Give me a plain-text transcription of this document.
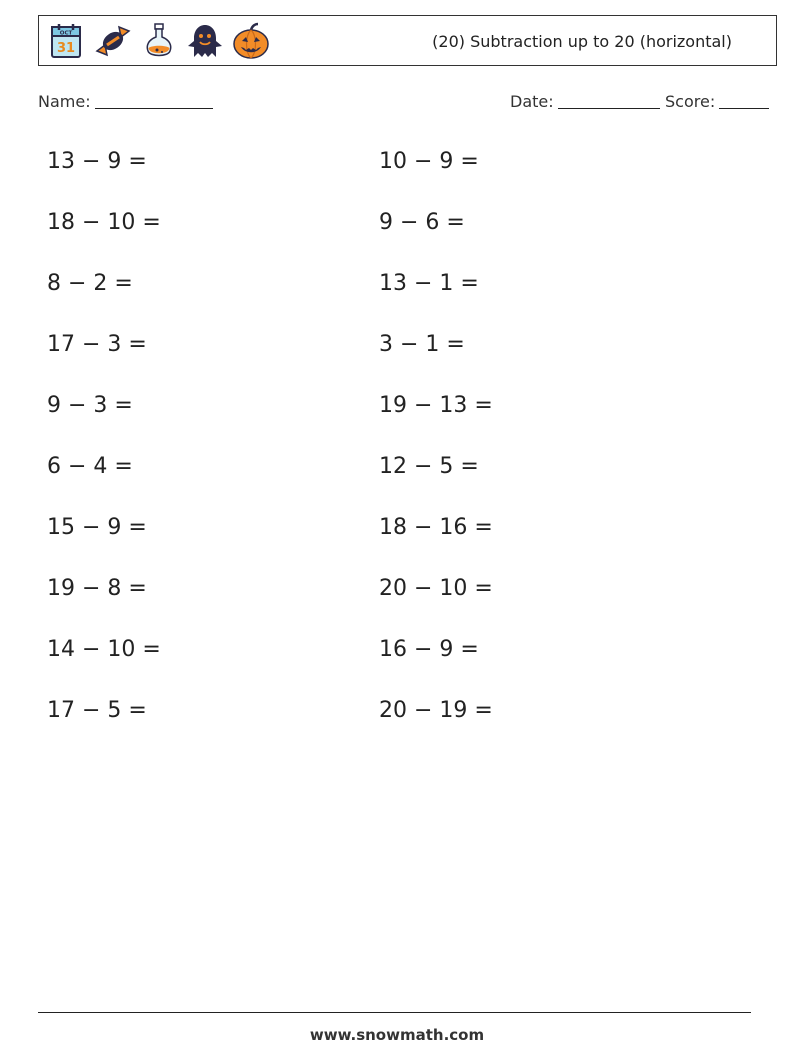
OCT
31	(20) Subtraction up to 20 (horizontal)
Name:	Date:	Score:
13 − 9 =
18 − 10 =
8 − 2 =
17 − 3 =
9 − 3 =
6 − 4 =
15 − 9 =
19 − 8 =
14 − 10 =
17 − 5 =
10 − 9 =
9 − 6 =
13 − 1 =
3 − 1 =
19 − 13 =
12 − 5 =
18 − 16 =
20 − 10 =
16 − 9 =
20 − 19 =
www.snowmath.com
